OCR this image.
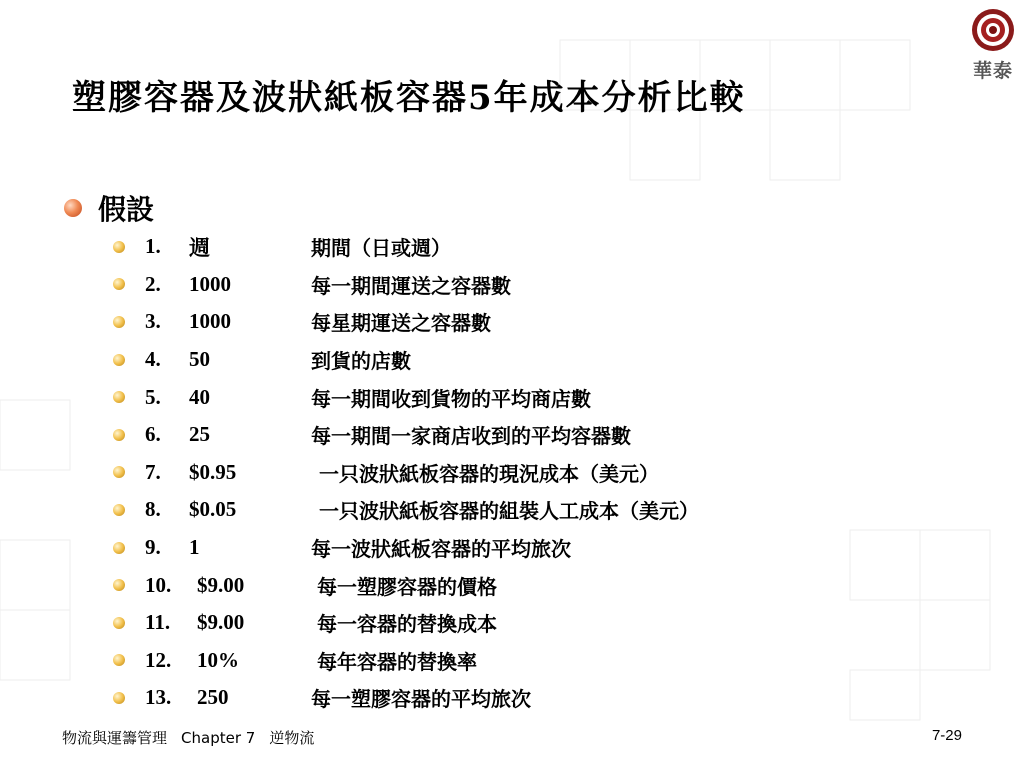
華泰
塑膠容器及波狀紙板容器5年成本分析比較
假設
1.	週	期間（日或週）
2.	1000	每一期間運送之容器數
3.	1000	每星期運送之容器數
4.	50	到貨的店數
5.	40	每一期間收到貨物的平均商店數
6.	25	每一期間一家商店收到的平均容器數
7.	$0.95	一只波狀紙板容器的現況成本（美元）
8.	$0.05	一只波狀紙板容器的組裝人工成本（美元）
9.	1	每一波狀紙板容器的平均旅次
10.	$9.00	每一塑膠容器的價格
11.	$9.00	每一容器的替換成本
12.	10%	每年容器的替換率
13.	250	每一塑膠容器的平均旅次
物流與運籌管理 Chapter 7 逆物流	7-29
